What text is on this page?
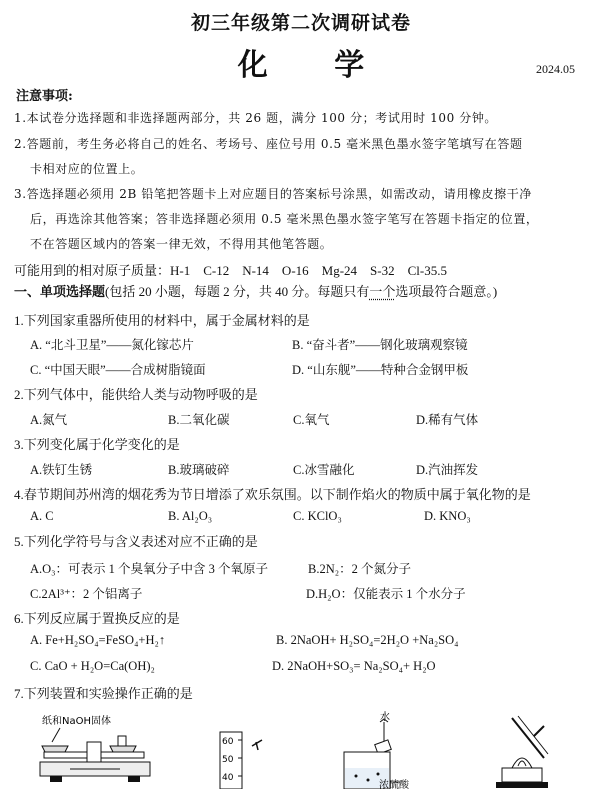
初三年级第二次调研试卷
化 学	2024.05
注意事项:
1.本试卷分选择题和非选择题两部分，共 26 题，满分 100 分；考试用时 100 分钟。
2.答题前，考生务必将自己的姓名、考场号、座位号用 0.5 毫米黑色墨水签字笔填写在答题
卡相对应的位置上。
3.答选择题必须用 2B 铅笔把答题卡上对应题目的答案标号涂黑，如需改动，请用橡皮擦干净
后，再选涂其他答案；答非选择题必须用 0.5 毫米黑色墨水签字笔写在答题卡指定的位置，
不在答题区域内的答案一律无效，不得用其他笔答题。
可能用到的相对原子质量：H-1　C-12　N-14　O-16　Mg-24　S-32　Cl-35.5
一、单项选择题(包括 20 小题，每题 2 分，共 40 分。每题只有一个选项最符合题意。)
1.下列国家重器所使用的材料中，属于金属材料的是
A. “北斗卫星”——氮化镓芯片	B. “奋斗者”——钢化玻璃观察镜
C. “中国天眼”——合成树脂镜面	D. “山东舰”——特种合金钢甲板
2.下列气体中，能供给人类与动物呼吸的是
A.氮气	B.二氧化碳	C.氧气	D.稀有气体
3.下列变化属于化学变化的是
A.铁钉生锈	B.玻璃破碎	C.冰雪融化	D.汽油挥发
4.春节期间苏州湾的烟花秀为节日增添了欢乐氛围。以下制作焰火的物质中属于氧化物的是
A. C	B. Al₂O₃	C. KClO₃	D. KNO₃
5.下列化学符号与含义表述对应不正确的是
A.O₃：可表示 1 个臭氧分子中含 3 个氧原子	B.2N₂：2 个氮分子
C.2Al³⁺：2 个铝离子	D.H₂O：仅能表示 1 个水分子
6.下列反应属于置换反应的是
A. Fe+H₂SO₄=FeSO₄+H₂↑	B. 2NaOH+ H₂SO₄=2H₂O +Na₂SO₄
C. CaO + H₂O=Ca(OH)₂	D. 2NaOH+SO₃= Na₂SO₄+ H₂O
7.下列装置和实验操作正确的是
纸和NaOH固体
60
50
40
水
浓硫酸
